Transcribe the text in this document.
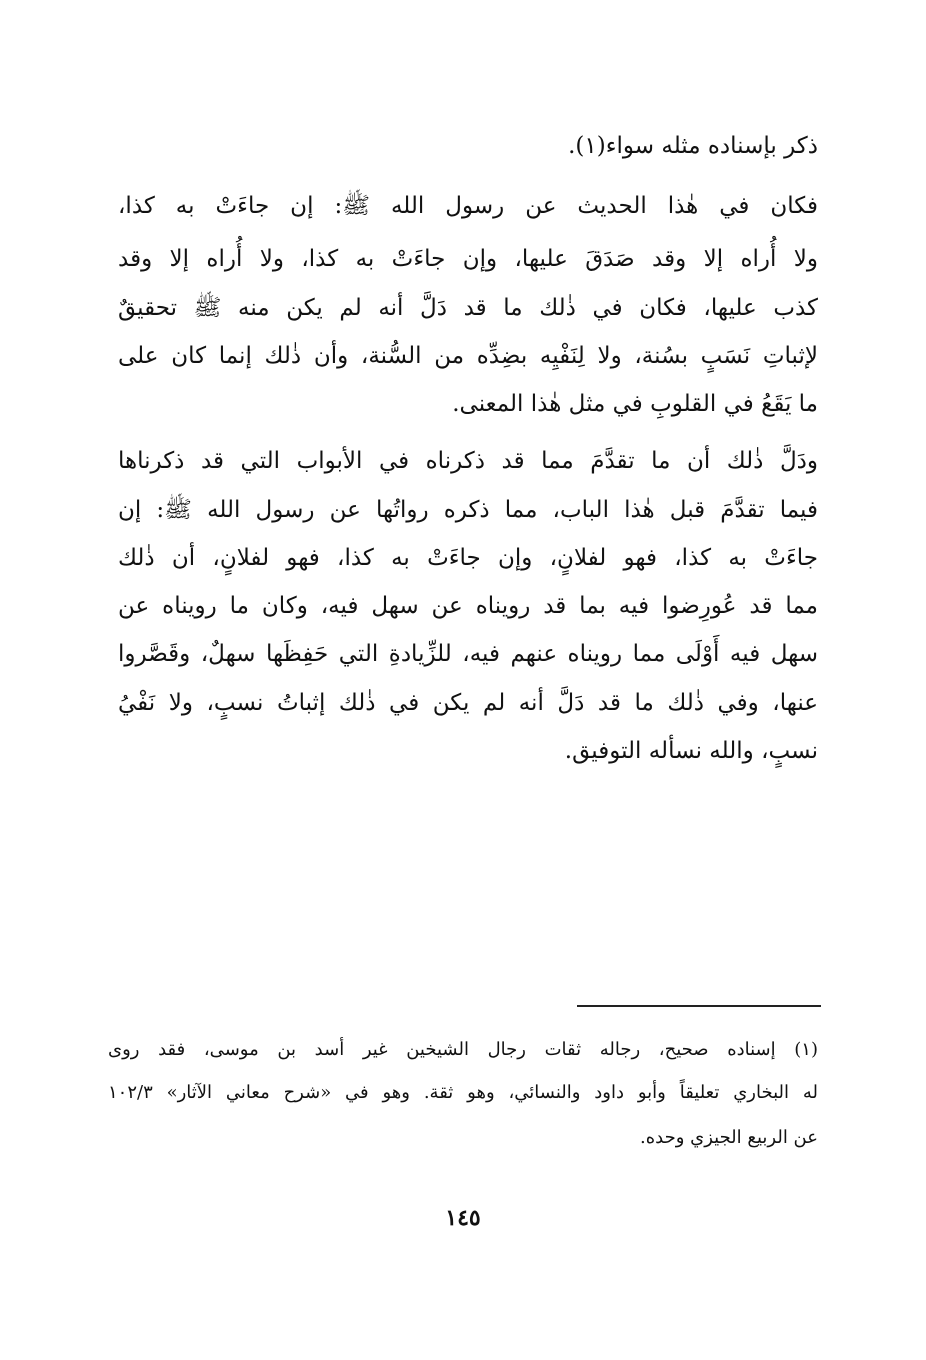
ذكر بإسناده مثله سواء(١).
فكان في هٰذا الحديث عن رسول الله ﷺ: إن جاءَتْ به كذا،
ولا أُراه إلا وقد صَدَقَ عليها، وإن جاءَتْ به كذا، ولا أُراه إلا وقد
كذب عليها، فكان في ذٰلك ما قد دَلَّ أنه لم يكن منه ﷺ تحقيقٌ
لإثباتِ نَسَبٍ بسُنة، ولا لِنَفْيِه بضِدِّه من السُّنة، وأن ذٰلك إنما كان على
ما يَقَعُ في القلوبِ في مثل هٰذا المعنى.
ودَلَّ ذٰلك أن ما تقدَّمَ مما قد ذكرناه في الأبواب التي قد ذكرناها
فيما تقدَّمَ قبل هٰذا الباب، مما ذكره رواتُها عن رسول الله ﷺ: إن
جاءَتْ به كذا، فهو لفلانٍ، وإن جاءَتْ به كذا، فهو لفلانٍ، أن ذٰلك
مما قد عُورِضوا فيه بما قد رويناه عن سهل فيه، وكان ما رويناه عن
سهل فيه أَوْلَى مما رويناه عنهم فيه، للزِّيادةِ التي حَفِظَها سهلٌ، وقَصَّروا
عنها، وفي ذٰلك ما قد دَلَّ أنه لم يكن في ذٰلك إثباتُ نسبٍ، ولا نَفْيُ
نسبٍ، والله نسأله التوفيق.
(١) إسناده صحيح، رجاله ثقات رجال الشيخين غير أسد بن موسى، فقد روى
له البخاري تعليقاً وأبو داود والنسائي، وهو ثقة. وهو في «شرح معاني الآثار» ١٠٢/٣
عن الربيع الجيزي وحده.
١٤٥
